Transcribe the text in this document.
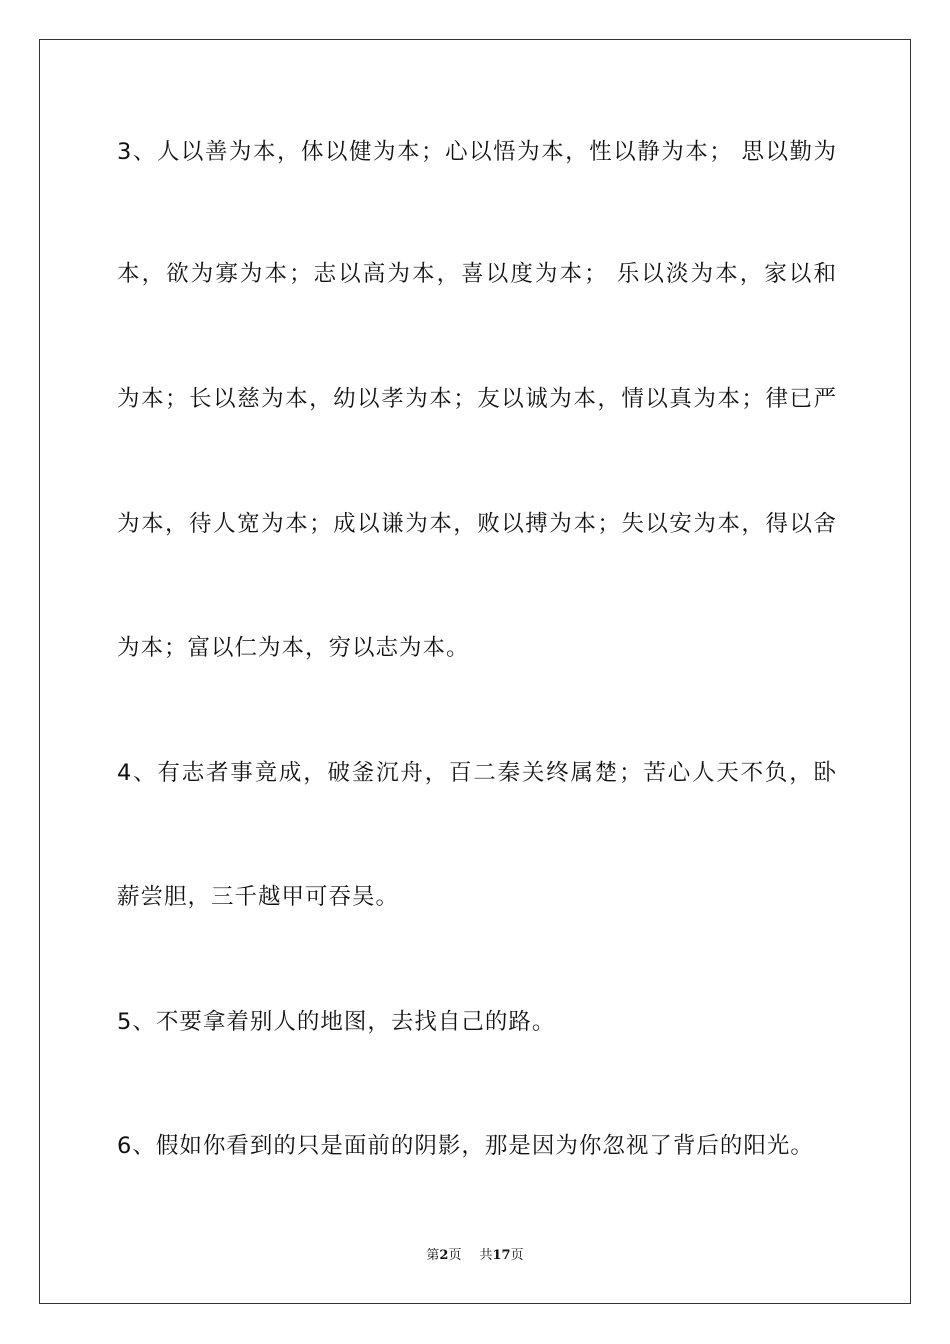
3、人以善为本，体以健为本；心以悟为本，性以静为本； 思以勤为
本，欲为寡为本；志以高为本，喜以度为本； 乐以淡为本，家以和
为本；长以慈为本，幼以孝为本；友以诚为本，情以真为本；律已严
为本，待人宽为本；成以谦为本，败以搏为本；失以安为本，得以舍
为本；富以仁为本，穷以志为本。
4、有志者事竟成，破釜沉舟，百二秦关终属楚；苦心人天不负，卧
薪尝胆，三千越甲可吞吴。
5、不要拿着别人的地图，去找自己的路。
6、假如你看到的只是面前的阴影，那是因为你忽视了背后的阳光。
第2页 共17页
